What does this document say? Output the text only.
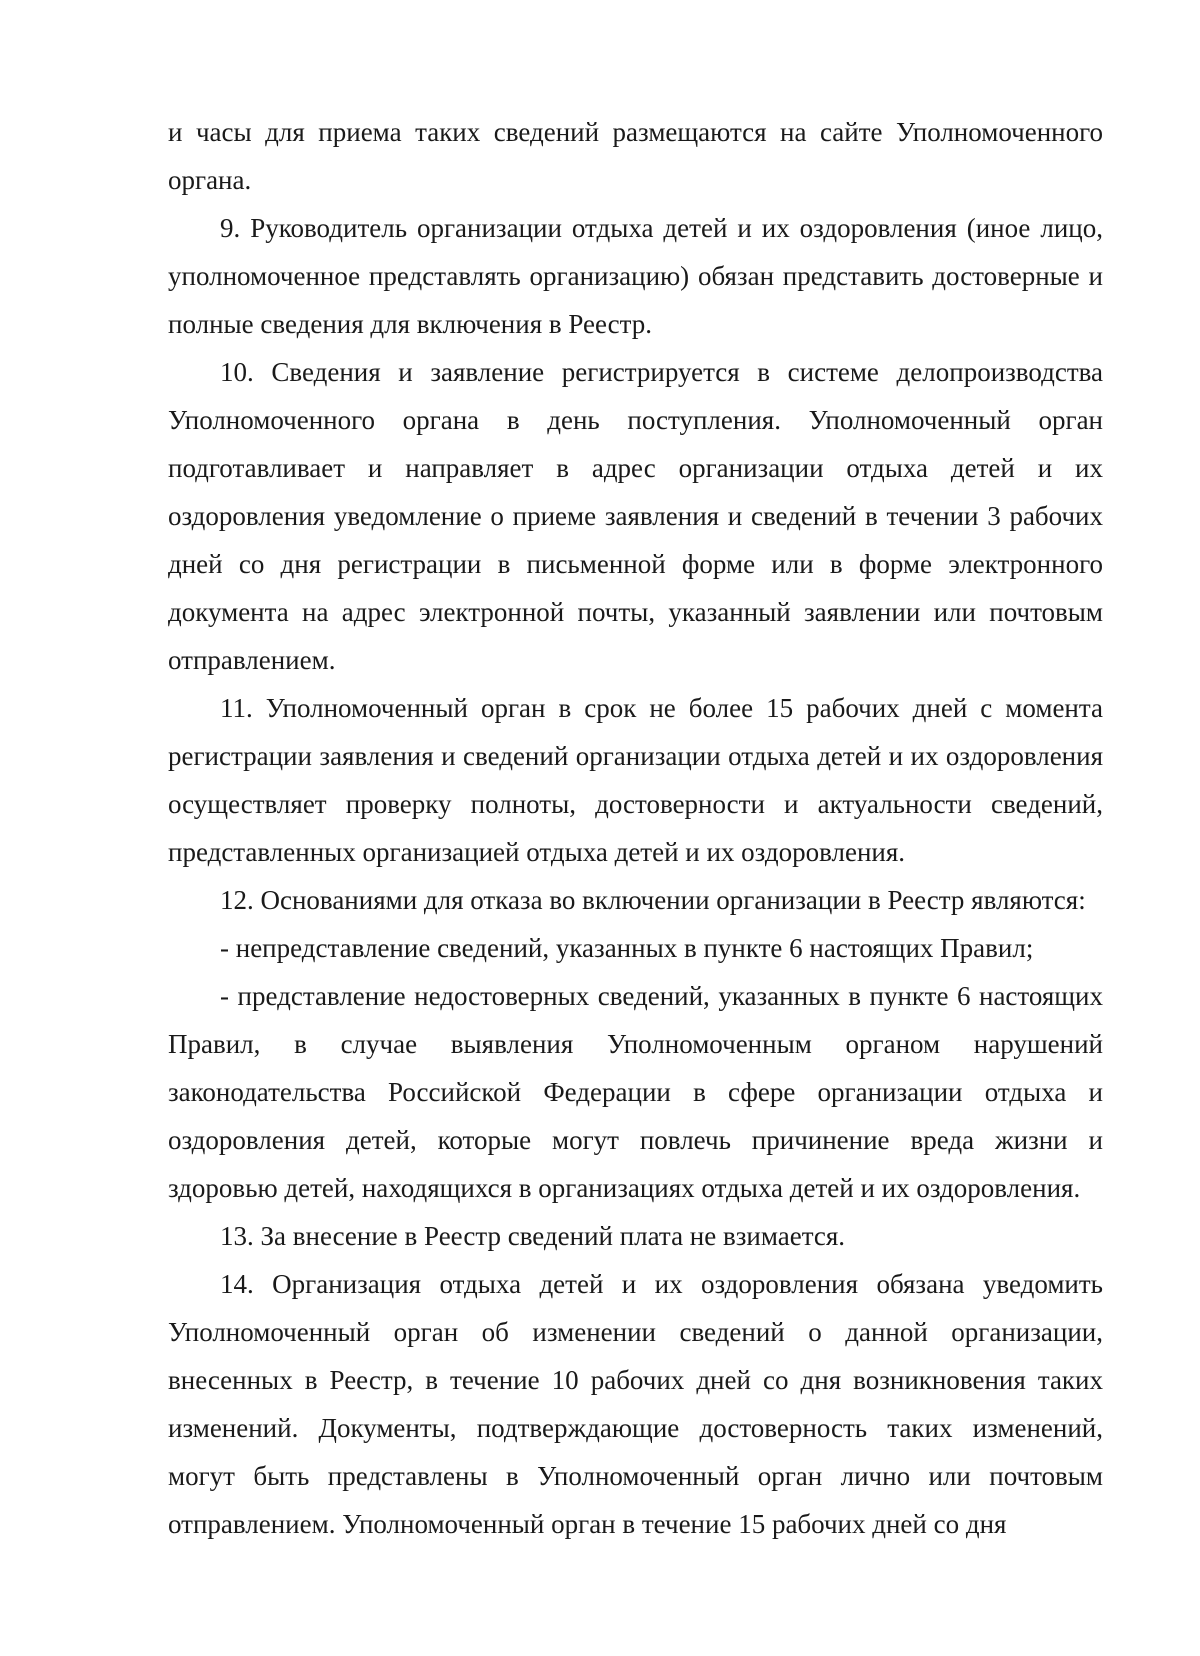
и часы для приема таких сведений размещаются на сайте Уполномоченного органа.

9. Руководитель организации отдыха детей и их оздоровления (иное лицо, уполномоченное представлять организацию) обязан представить достоверные и полные сведения для включения в Реестр.

10. Сведения и заявление регистрируется в системе делопроизводства Уполномоченного органа в день поступления. Уполномоченный орган подготавливает и направляет в адрес организации отдыха детей и их оздоровления уведомление о приеме заявления и сведений в течении 3 рабочих дней со дня регистрации в письменной форме или в форме электронного документа на адрес электронной почты, указанный заявлении или почтовым отправлением.

11. Уполномоченный орган в срок не более 15 рабочих дней с момента регистрации заявления и сведений организации отдыха детей и их оздоровления осуществляет проверку полноты, достоверности и актуальности сведений, представленных организацией отдыха детей и их оздоровления.

12. Основаниями для отказа во включении организации в Реестр являются:

- непредставление сведений, указанных в пункте 6 настоящих Правил;

- представление недостоверных сведений, указанных в пункте 6 настоящих Правил, в случае выявления Уполномоченным органом нарушений законодательства Российской Федерации в сфере организации отдыха и оздоровления детей, которые могут повлечь причинение вреда жизни и здоровью детей, находящихся в организациях отдыха детей и их оздоровления.

13. За внесение в Реестр сведений плата не взимается.

14. Организация отдыха детей и их оздоровления обязана уведомить Уполномоченный орган об изменении сведений о данной организации, внесенных в Реестр, в течение 10 рабочих дней со дня возникновения таких изменений. Документы, подтверждающие достоверность таких изменений, могут быть представлены в Уполномоченный орган лично или почтовым отправлением. Уполномоченный орган в течение 15 рабочих дней со дня
